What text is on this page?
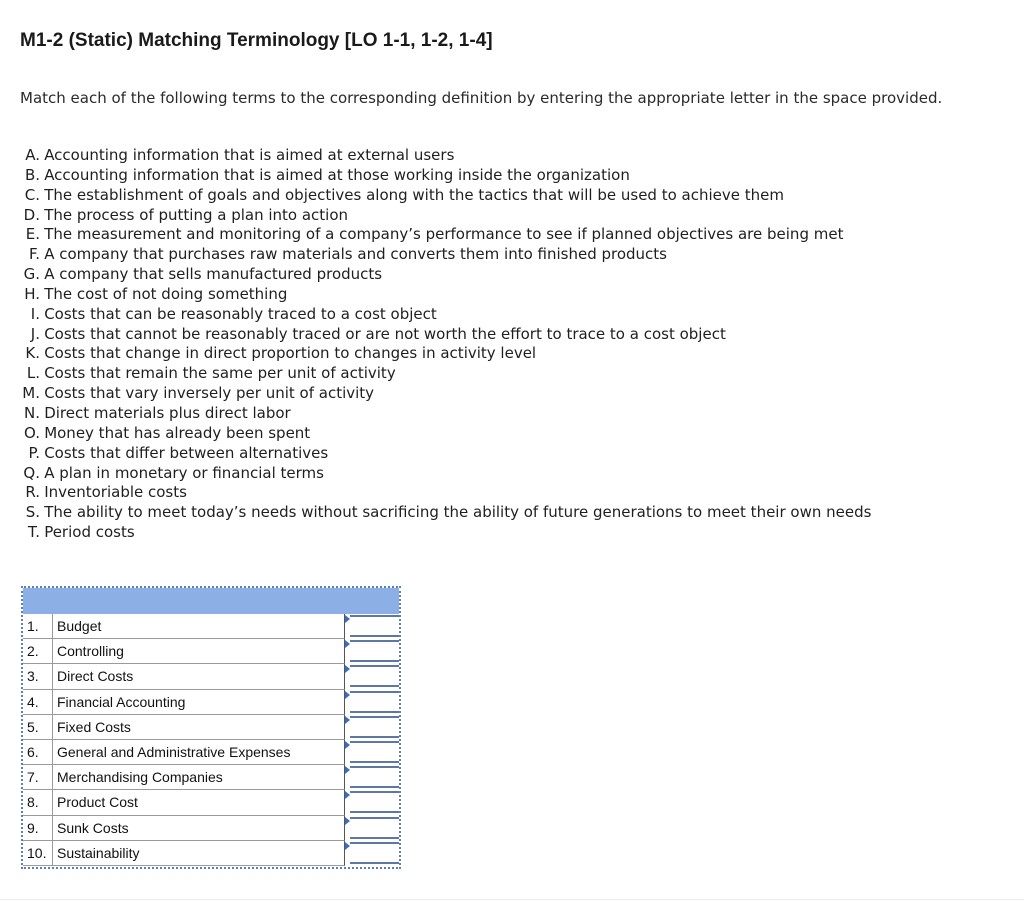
M1-2 (Static) Matching Terminology [LO 1-1, 1-2, 1-4]
Match each of the following terms to the corresponding definition by entering the appropriate letter in the space provided.
A.
Accounting information that is aimed at external users
B.
Accounting information that is aimed at those working inside the organization
C.
The establishment of goals and objectives along with the tactics that will be used to achieve them
D.
The process of putting a plan into action
E.
The measurement and monitoring of a company’s performance to see if planned objectives are being met
F.
A company that purchases raw materials and converts them into finished products
G.
A company that sells manufactured products
H.
The cost of not doing something
I.
Costs that can be reasonably traced to a cost object
J.
Costs that cannot be reasonably traced or are not worth the effort to trace to a cost object
K.
Costs that change in direct proportion to changes in activity level
L.
Costs that remain the same per unit of activity
M.
Costs that vary inversely per unit of activity
N.
Direct materials plus direct labor
O.
Money that has already been spent
P.
Costs that differ between alternatives
Q.
A plan in monetary or financial terms
R.
Inventoriable costs
S.
The ability to meet today’s needs without sacrificing the ability of future generations to meet their own needs
T.
Period costs
1.	Budget
2.	Controlling
3.	Direct Costs
4.	Financial Accounting
5.	Fixed Costs
6.	General and Administrative Expenses
7.	Merchandising Companies
8.	Product Cost
9.	Sunk Costs
10. Sustainability
